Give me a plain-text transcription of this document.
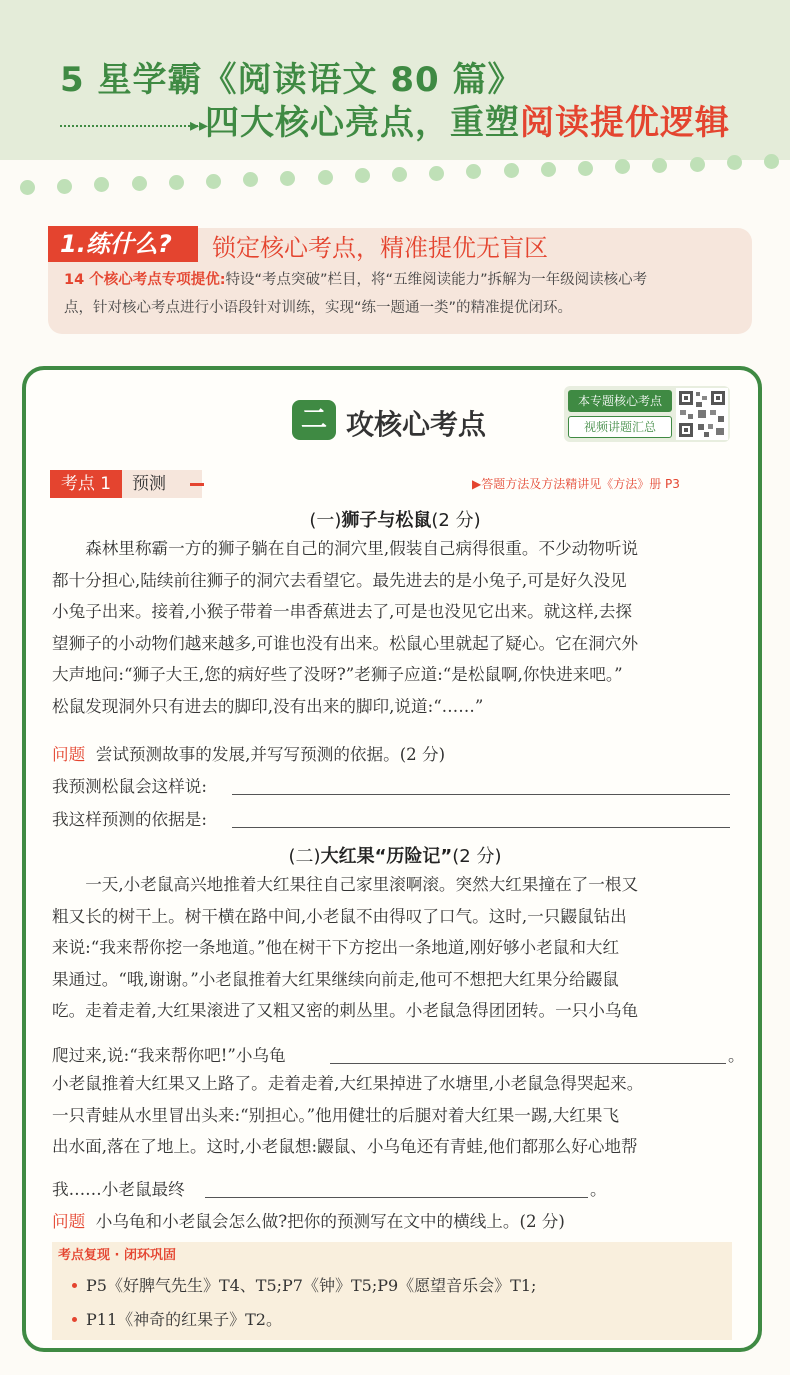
5 星学霸《阅读语文 80 篇》
▸▸
四大核心亮点，重塑阅读提优逻辑
1.练什么?	锁定核心考点，精准提优无盲区
14 个核心考点专项提优:特设“考点突破”栏目，将“五维阅读能力”拆解为一年级阅读核心考
点，针对核心考点进行小语段针对训练，实现“练一题通一类”的精准提优闭环。
二 攻核心考点
本专题核心考点
视频讲题汇总
考点 1	预测	▶答题方法及方法精讲见《方法》册 P3
(一)狮子与松鼠(2 分)
森林里称霸一方的狮子躺在自己的洞穴里,假装自己病得很重。不少动物听说
都十分担心,陆续前往狮子的洞穴去看望它。最先进去的是小兔子,可是好久没见
小兔子出来。接着,小猴子带着一串香蕉进去了,可是也没见它出来。就这样,去探
望狮子的小动物们越来越多,可谁也没有出来。松鼠心里就起了疑心。它在洞穴外
大声地问:“狮子大王,您的病好些了没呀?”老狮子应道:“是松鼠啊,你快进来吧。”
松鼠发现洞外只有进去的脚印,没有出来的脚印,说道:“……”
问题 尝试预测故事的发展,并写写预测的依据。(2 分)
我预测松鼠会这样说:
我这样预测的依据是:
(二)大红果“历险记”(2 分)
一天,小老鼠高兴地推着大红果往自己家里滚啊滚。突然大红果撞在了一根又
粗又长的树干上。树干横在路中间,小老鼠不由得叹了口气。这时,一只鼹鼠钻出
来说:“我来帮你挖一条地道。”他在树干下方挖出一条地道,刚好够小老鼠和大红
果通过。“哦,谢谢。”小老鼠推着大红果继续向前走,他可不想把大红果分给鼹鼠
吃。走着走着,大红果滚进了又粗又密的刺丛里。小老鼠急得团团转。一只小乌龟
爬过来,说:“我来帮你吧!”小乌龟	。
小老鼠推着大红果又上路了。走着走着,大红果掉进了水塘里,小老鼠急得哭起来。
一只青蛙从水里冒出头来:“别担心。”他用健壮的后腿对着大红果一踢,大红果飞
出水面,落在了地上。这时,小老鼠想:鼹鼠、小乌龟还有青蛙,他们都那么好心地帮
我……小老鼠最终	。
问题 小乌龟和小老鼠会怎么做?把你的预测写在文中的横线上。(2 分)
考点复现 · 闭环巩固
P5《好脾气先生》T4、T5;P7《钟》T5;P9《愿望音乐会》T1;
P11《神奇的红果子》T2。
